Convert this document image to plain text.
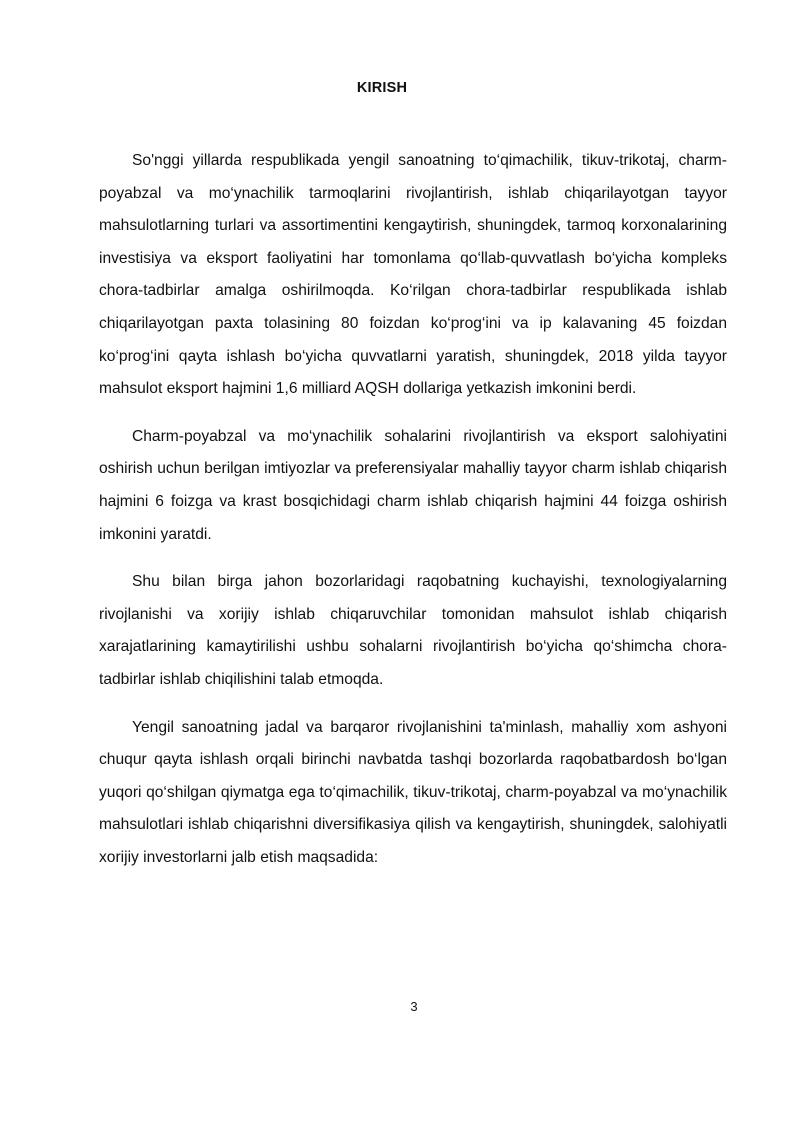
KIRISH

So'nggi yillarda respublikada yengil sanoatning to‘qimachilik, tikuv-trikotaj, charm-poyabzal va mo‘ynachilik tarmoqlarini rivojlantirish, ishlab chiqarilayotgan tayyor mahsulotlarning turlari va assortimentini kengaytirish, shuningdek, tarmoq korxonalarining investisiya va eksport faoliyatini har tomonlama qo‘llab-quvvatlash bo‘yicha kompleks chora-tadbirlar amalga oshirilmoqda. Ko‘rilgan chora-tadbirlar respublikada ishlab chiqarilayotgan paxta tolasining 80 foizdan ko‘prog‘ini va ip kalavaning 45 foizdan ko‘prog‘ini qayta ishlash bo‘yicha quvvatlarni yaratish, shuningdek, 2018 yilda tayyor mahsulot eksport hajmini 1,6 milliard AQSH dollariga yetkazish imkonini berdi.

Charm-poyabzal va mo‘ynachilik sohalarini rivojlantirish va eksport salohiyatini oshirish uchun berilgan imtiyozlar va preferensiyalar mahalliy tayyor charm ishlab chiqarish hajmini 6 foizga va krast bosqichidagi charm ishlab chiqarish hajmini 44 foizga oshirish imkonini yaratdi.

Shu bilan birga jahon bozorlaridagi raqobatning kuchayishi, texnologiyalarning rivojlanishi va xorijiy ishlab chiqaruvchilar tomonidan mahsulot ishlab chiqarish xarajatlarining kamaytirilishi ushbu sohalarni rivojlantirish bo‘yicha qo‘shimcha chora-tadbirlar ishlab chiqilishini talab etmoqda.

Yengil sanoatning jadal va barqaror rivojlanishini ta'minlash, mahalliy xom ashyoni chuqur qayta ishlash orqali birinchi navbatda tashqi bozorlarda raqobatbardosh bo‘lgan yuqori qo‘shilgan qiymatga ega to‘qimachilik, tikuv-trikotaj, charm-poyabzal va mo‘ynachilik mahsulotlari ishlab chiqarishni diversifikasiya qilish va kengaytirish, shuningdek, salohiyatli xorijiy investorlarni jalb etish maqsadida:

3
